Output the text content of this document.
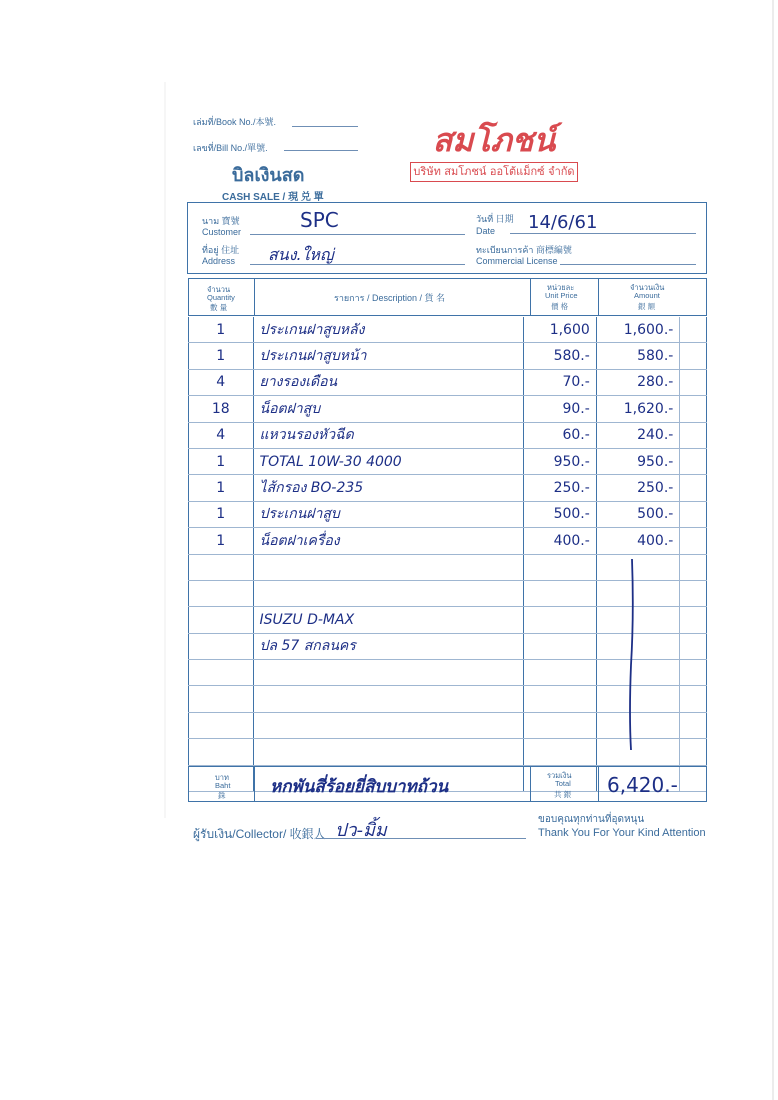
เล่มที่/Book No./本號.
เลขที่/Bill No./單號.
บิลเงินสด
CASH SALE / 現 兑 單
สมโภชน์
บริษัท สมโภชน์ ออโต้แม็กซ์ จำกัด
นาม 寶號
Customer	SPC
ที่อยู่ 住址
Address สนง.ใหญ่
วันที่ 日期
Date 14/6/61
ทะเบียนการค้า 商標編號
Commercial License
จำนวน
Quantity
數 量
รายการ / Description / 貨 名
หน่วยละ
Unit Price
價 格
จำนวนเงิน
Amount
銀 額
1	ประเกนฝาสูบหลัง	1,600	1,600.-	
1	ประเกนฝาสูบหน้า	580.-	580.-	
4	ยางรองเดือน	70.-	280.-	
18	น็อตฝาสูบ	90.-	1,620.-	
4	แหวนรองหัวฉีด	60.-	240.-	
1	TOTAL 10W-30 4000	950.-	950.-	
1	ไส้กรอง BO-235	250.-	250.-	
1	ประเกนฝาสูบ	500.-	500.-	
1	น็อตฝาเครื่อง	400.-	400.-	

	ISUZU D-MAX			
	ปล 57 สกลนคร			

บาท
Baht
銖	หกพันสี่ร้อยยี่สิบบาทถ้วน
รวมเงิน
Total
共 銀 6,420.-
ผู้รับเงิน/Collector/ 收銀人 ปว-มิ้ม
ขอบคุณทุกท่านที่อุดหนุน
Thank You For Your Kind Attention
